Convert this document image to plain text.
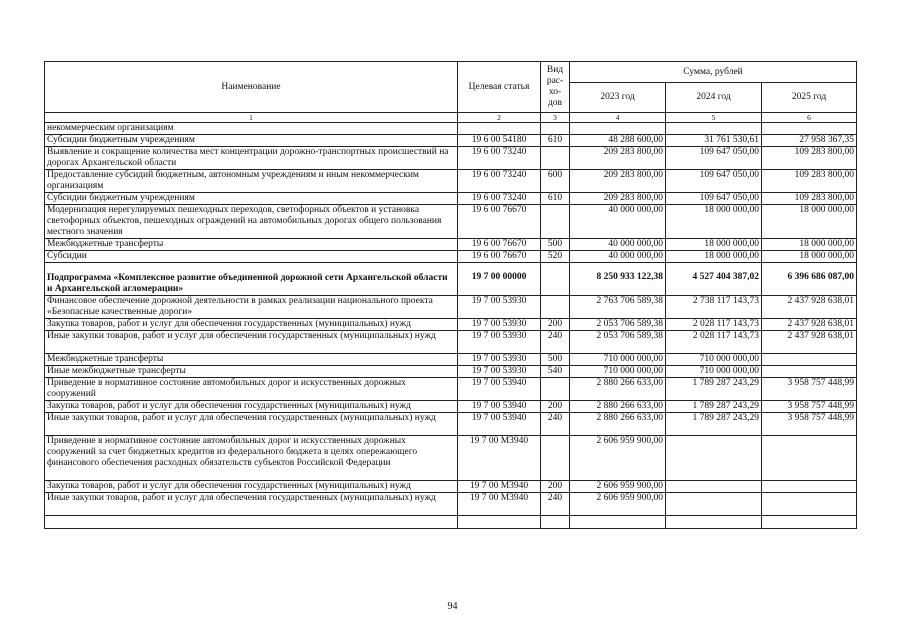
Наименование	Целевая статья	Вид
рас-
хо-
дов	Сумма, рублей		
			2023 год	2024 год	2025 год
1	2	3	4	5	6
некоммерческим организациям					
Субсидии бюджетным учреждениям	19 6 00 54180	610	48 288 600,00	31 761 530,61	27 958 367,35
Выявление и сокращение количества мест концентрации дорожно-транспортных происшествий на дорогах Архангельской области	19 6 00 73240		209 283 800,00	109 647 050,00	109 283 800,00
Предоставление субсидий бюджетным, автономным учреждениям и иным некоммерческим организациям	19 6 00 73240	600	209 283 800,00	109 647 050,00	109 283 800,00
Субсидии бюджетным учреждениям	19 6 00 73240	610	209 283 800,00	109 647 050,00	109 283 800,00
Модернизация нерегулируемых пешеходных переходов, светофорных объектов и установка светофорных объектов, пешеходных ограждений на автомобильных дорогах общего пользования местного значения	19 6 00 76670		40 000 000,00	18 000 000,00	18 000 000,00
Межбюджетные трансферты	19 6 00 76670	500	40 000 000,00	18 000 000,00	18 000 000,00
Субсидии	19 6 00 76670	520	40 000 000,00	18 000 000,00	18 000 000,00
Подпрограмма «Комплексное развитие объединенной дорожной сети Архангельской области и Архангельской агломерации»	19 7 00 00000		8 250 933 122,38	4 527 404 387,02	6 396 686 087,00
Финансовое обеспечение дорожной деятельности в рамках реализации национального проекта «Безопасные качественные дороги»	19 7 00 53930		2 763 706 589,38	2 738 117 143,73	2 437 928 638,01
Закупка товаров, работ и услуг для обеспечения государственных (муниципальных) нужд	19 7 00 53930	200	2 053 706 589,38	2 028 117 143,73	2 437 928 638,01
Иные закупки товаров, работ и услуг для обеспечения государственных (муниципальных) нужд	19 7 00 53930	240	2 053 706 589,38	2 028 117 143,73	2 437 928 638,01
Межбюджетные трансферты	19 7 00 53930	500	710 000 000,00	710 000 000,00	
Иные межбюджетные трансферты	19 7 00 53930	540	710 000 000,00	710 000 000,00	
Приведение в нормативное состояние автомобильных дорог и искусственных дорожных сооружений	19 7 00 53940		2 880 266 633,00	1 789 287 243,29	3 958 757 448,99
Закупка товаров, работ и услуг для обеспечения государственных (муниципальных) нужд	19 7 00 53940	200	2 880 266 633,00	1 789 287 243,29	3 958 757 448,99
Иные закупки товаров, работ и услуг для обеспечения государственных (муниципальных) нужд	19 7 00 53940	240	2 880 266 633,00	1 789 287 243,29	3 958 757 448,99
Приведение в нормативное состояние автомобильных дорог и искусственных дорожных сооружений за счет бюджетных кредитов из федерального бюджета в целях опережающего финансового обеспечения расходных обязательств субъектов Российской Федерации	19 7 00 М3940		2 606 959 900,00		
Закупка товаров, работ и услуг для обеспечения государственных (муниципальных) нужд	19 7 00 М3940	200	2 606 959 900,00		
Иные закупки товаров, работ и услуг для обеспечения государственных (муниципальных) нужд	19 7 00 М3940	240	2 606 959 900,00		

94
